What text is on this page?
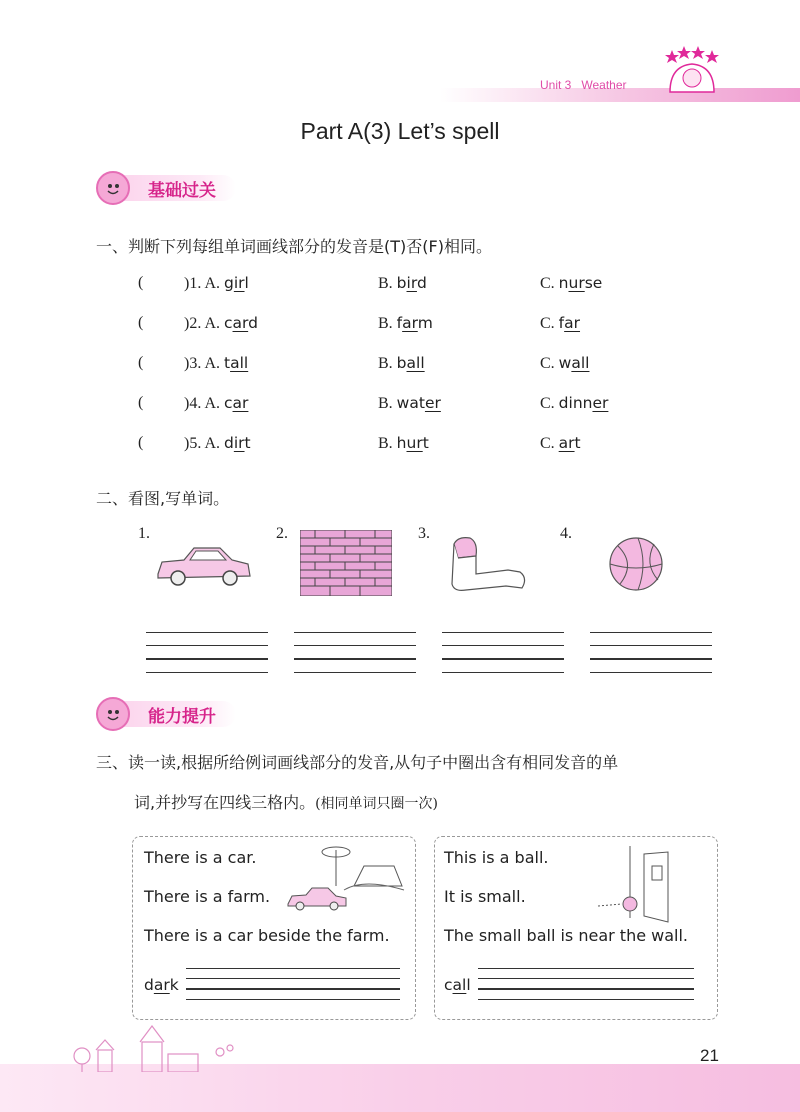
Unit 3 Weather
Part A(3) Let’s spell
基础过关
一、判断下列每组单词画线部分的发音是(T)否(F)相同。
(	)1. A. girl	B. bird	C. nurse
(	)2. A. card	B. farm	C. far
(	)3. A. tall	B. ball	C. wall
(	)4. A. car	B. water	C. dinner
(	)5. A. dirt	B. hurt	C. art
二、看图,写单词。
1.	2.	3.	4.
能力提升
三、读一读,根据所给例词画线部分的发音,从句子中圈出含有相同发音的单
词,并抄写在四线三格内。(相同单词只圈一次)
There is a car.
There is a farm.
There is a car beside the farm.
dark
This is a ball.
It is small.
The small ball is near the wall.
call
21
